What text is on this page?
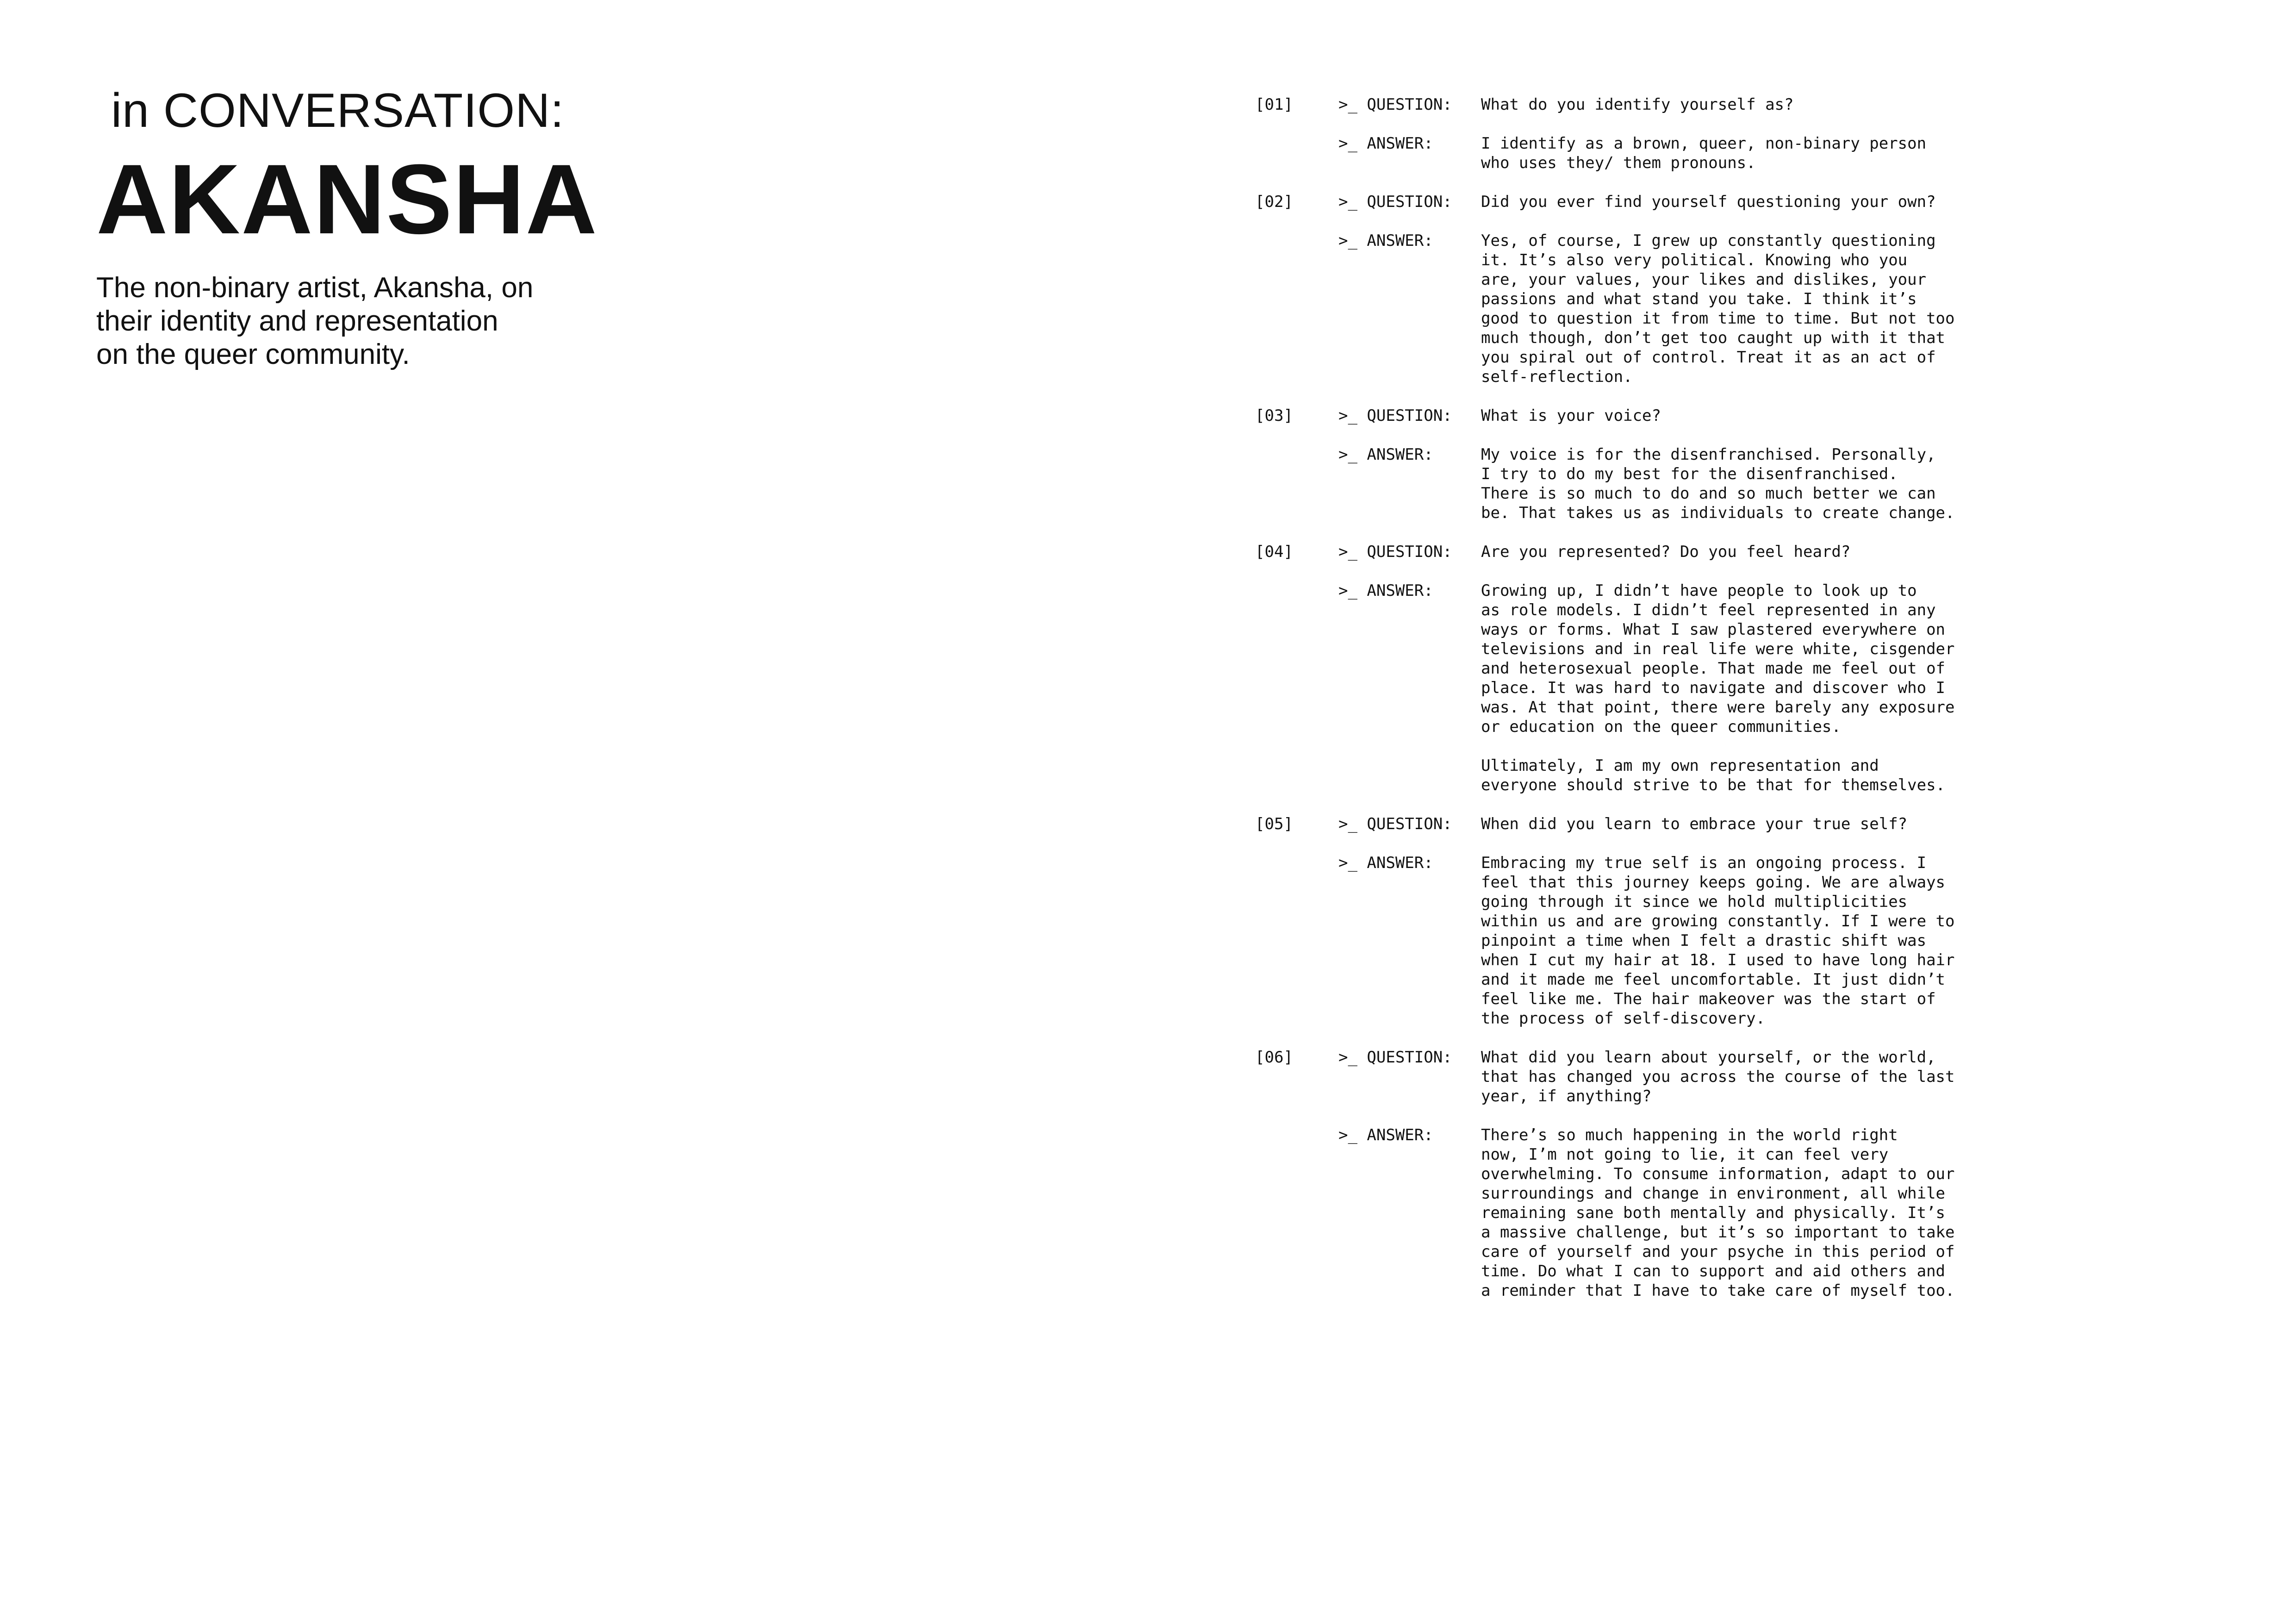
in CONVERSATION:
AKANSHA
The non-binary artist, Akansha, on
their identity and representation
on the queer community.
[01]	>_ QUESTION:	What do you identify yourself as?
>_ ANSWER:	I identify as a brown, queer, non-binary person
who uses they/ them pronouns.
[02]	>_ QUESTION:	Did you ever find yourself questioning your own?
>_ ANSWER:	Yes, of course, I grew up constantly questioning
it. It’s also very political. Knowing who you
are, your values, your likes and dislikes, your
passions and what stand you take. I think it’s
good to question it from time to time. But not too
much though, don’t get too caught up with it that
you spiral out of control. Treat it as an act of
self-reflection.
[03]	>_ QUESTION:	What is your voice?
>_ ANSWER:	My voice is for the disenfranchised. Personally,
I try to do my best for the disenfranchised.
There is so much to do and so much better we can
be. That takes us as individuals to create change.
[04]	>_ QUESTION:	Are you represented? Do you feel heard?
>_ ANSWER:	Growing up, I didn’t have people to look up to
as role models. I didn’t feel represented in any
ways or forms. What I saw plastered everywhere on
televisions and in real life were white, cisgender
and heterosexual people. That made me feel out of
place. It was hard to navigate and discover who I
was. At that point, there were barely any exposure
or education on the queer communities.

Ultimately, I am my own representation and
everyone should strive to be that for themselves.
[05]	>_ QUESTION:	When did you learn to embrace your true self?
>_ ANSWER:	Embracing my true self is an ongoing process. I
feel that this journey keeps going. We are always
going through it since we hold multiplicities
within us and are growing constantly. If I were to
pinpoint a time when I felt a drastic shift was
when I cut my hair at 18. I used to have long hair
and it made me feel uncomfortable. It just didn’t
feel like me. The hair makeover was the start of
the process of self-discovery.
[06]	>_ QUESTION:	What did you learn about yourself, or the world,
that has changed you across the course of the last
year, if anything?
>_ ANSWER:	There’s so much happening in the world right
now, I’m not going to lie, it can feel very
overwhelming. To consume information, adapt to our
surroundings and change in environment, all while
remaining sane both mentally and physically. It’s
a massive challenge, but it’s so important to take
care of yourself and your psyche in this period of
time. Do what I can to support and aid others and
a reminder that I have to take care of myself too.
